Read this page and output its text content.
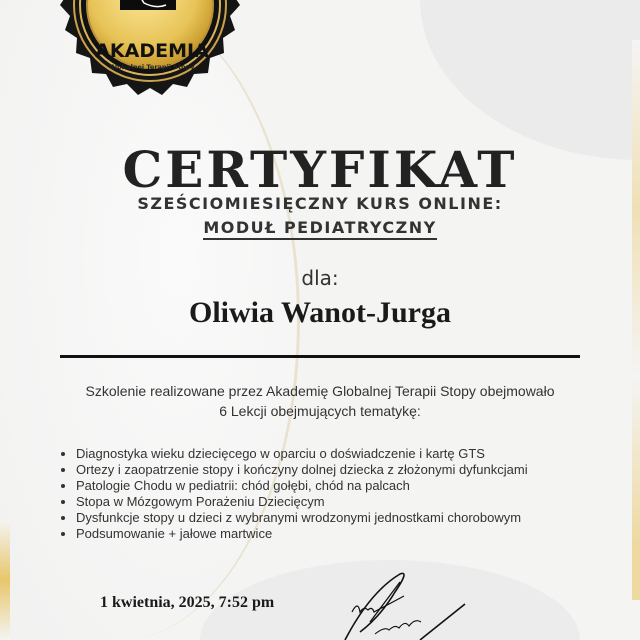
AKADEMIA
Globalnej Terapii Stopy
CERTYFIKAT
SZEŚCIOMIESIĘCZNY KURS ONLINE:
MODUŁ PEDIATRYCZNY
dla:
Oliwia Wanot-Jurga
Szkolenie realizowane przez Akademię Globalnej Terapii Stopy obejmowało
6 Lekcji obejmujących tematykę:
• Diagnostyka wieku dziecięcego w oparciu o doświadczenie i kartę GTS
• Ortezy i zaopatrzenie stopy i kończyny dolnej dziecka z złożonymi dyfunkcjami
• Patologie Chodu w pediatrii: chód gołębi, chód na palcach
• Stopa w Mózgowym Porażeniu Dziecięcym
• Dysfunkcje stopy u dzieci z wybranymi wrodzonymi jednostkami chorobowym
• Podsumowanie + jałowe martwice
1 kwietnia, 2025, 7:52 pm
